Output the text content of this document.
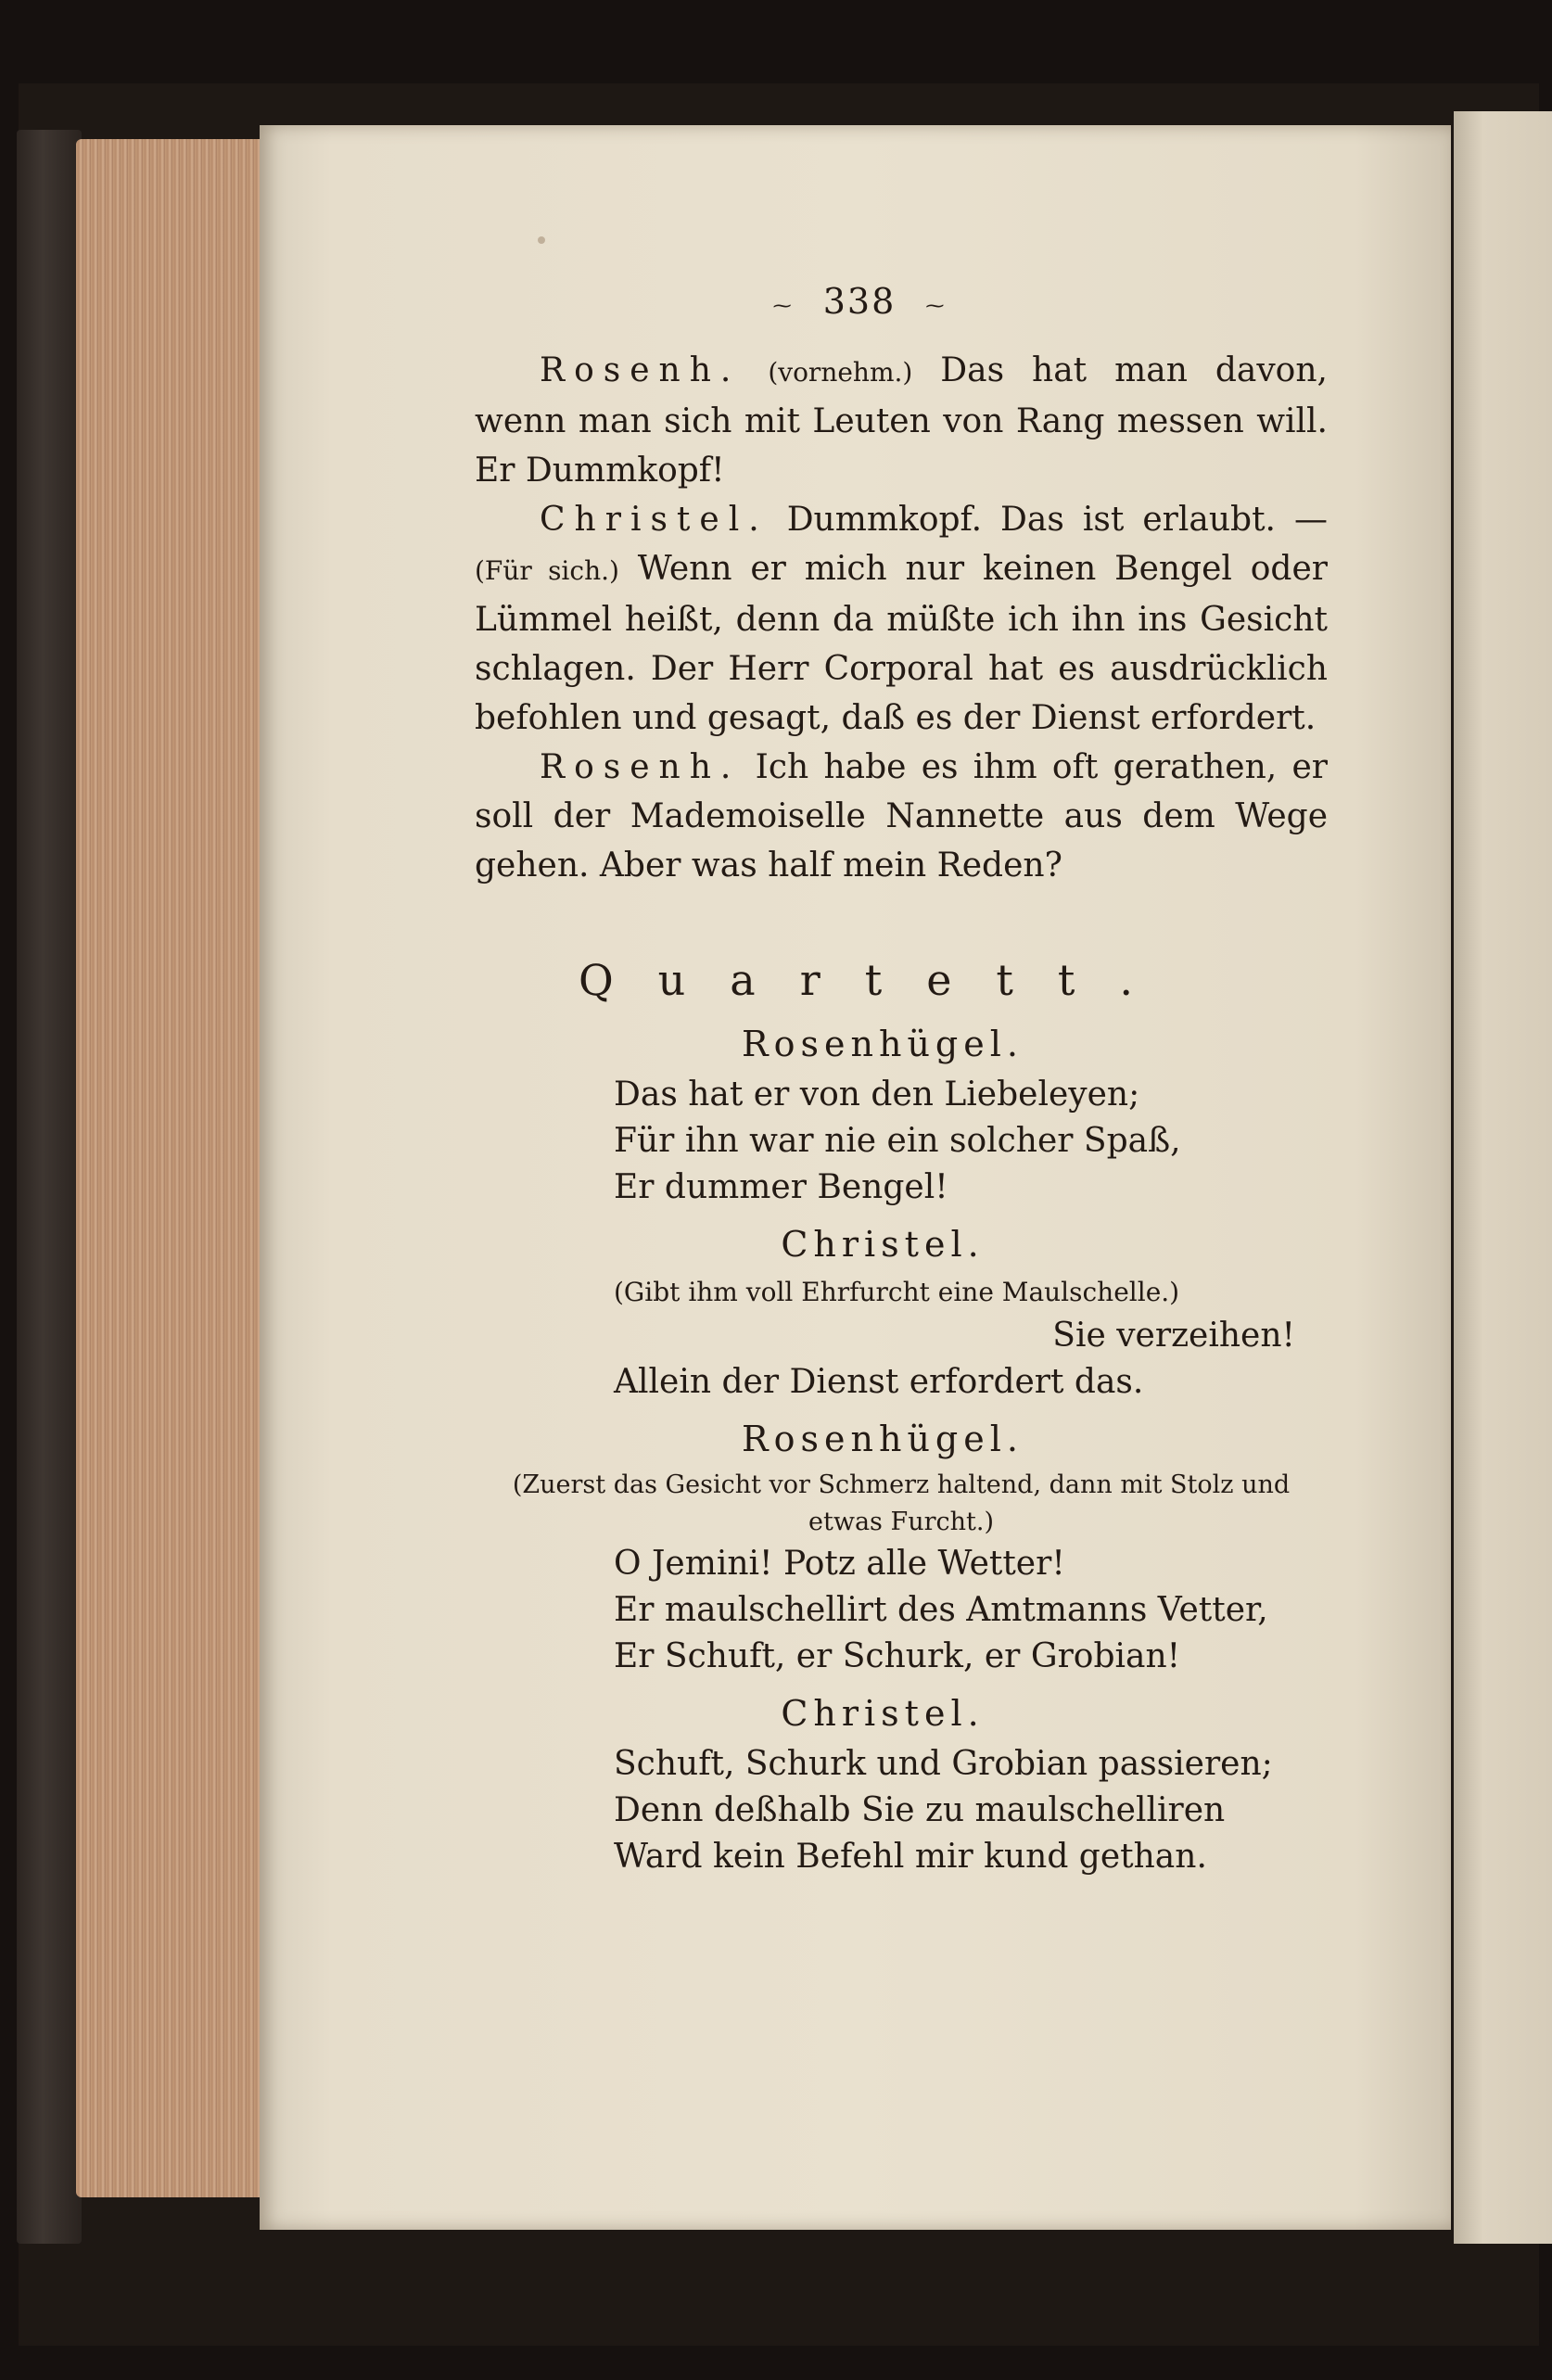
⁓ 338 ⁓

Rosenh. (vornehm.) Das hat man davon, wenn man sich mit Leuten von Rang messen will. Er Dummkopf!

Christel. Dummkopf. Das ist erlaubt. — (Für sich.) Wenn er mich nur keinen Bengel oder Lümmel heißt, denn da müßte ich ihn ins Gesicht schlagen. Der Herr Corporal hat es ausdrücklich befohlen und gesagt, daß es der Dienst erfordert.

Rosenh. Ich habe es ihm oft gerathen, er soll der Mademoiselle Nannette aus dem Wege gehen. Aber was half mein Reden?

Quartett.
Rosenhügel.
Das hat er von den Liebeleyen;
Für ihn war nie ein solcher Spaß,
Er dummer Bengel!
Christel.
(Gibt ihm voll Ehrfurcht eine Maulschelle.)
Sie verzeihen!
Allein der Dienst erfordert das.
Rosenhügel.
(Zuerst das Gesicht vor Schmerz haltend, dann mit Stolz und etwas Furcht.)
O Jemini! Potz alle Wetter!
Er maulschellirt des Amtmanns Vetter,
Er Schuft, er Schurk, er Grobian!
Christel.
Schuft, Schurk und Grobian passieren;
Denn deßhalb Sie zu maulschelliren
Ward kein Befehl mir kund gethan.
